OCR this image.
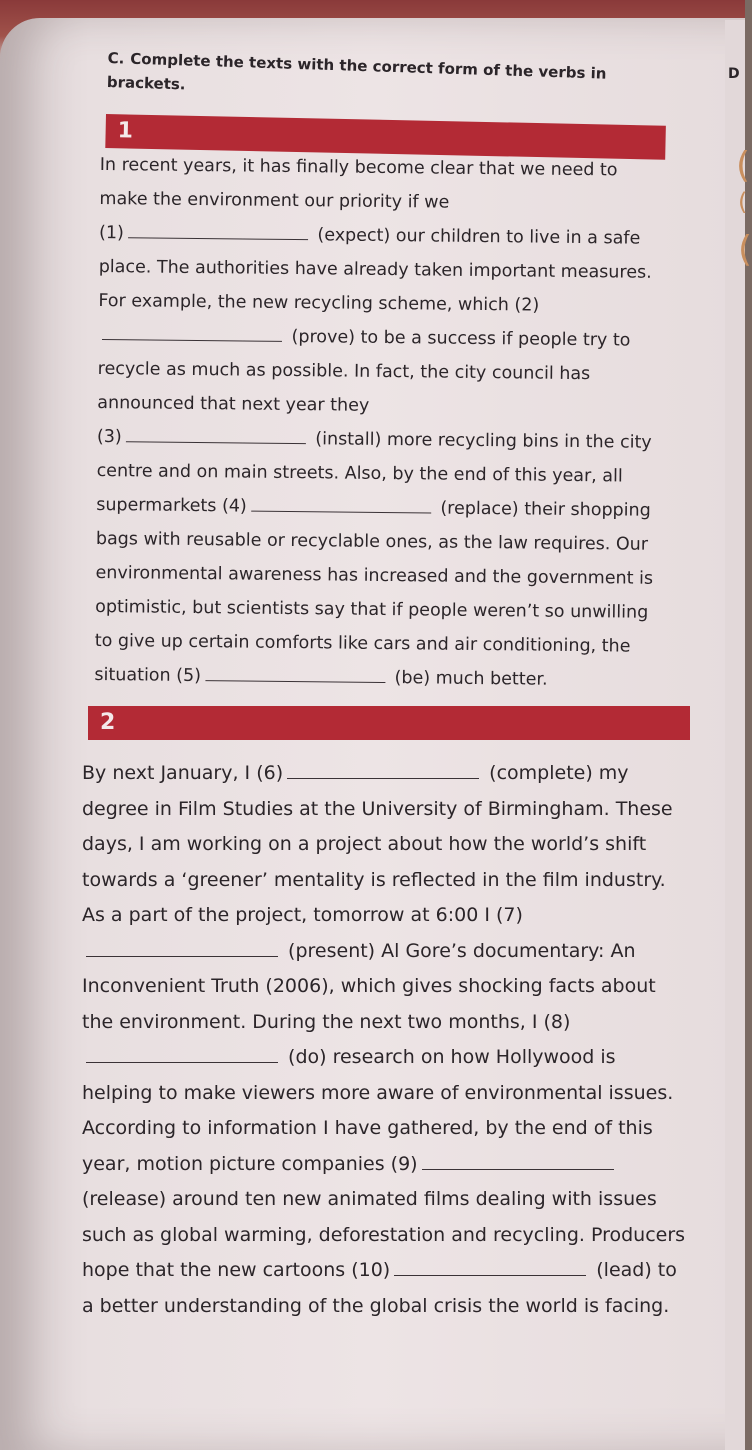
(
(
(
C. Complete the texts with the correct form of the verbs in brackets.	D
1
In recent years, it has finally become clear that we need to make the environment our priority if we
(1)	(expect) our children to live in a safe place. The authorities have already taken important measures. For example, the new recycling scheme, which (2) (prove) to be a success if people try to recycle as much as possible. In fact, the city council has announced that next year they
(3)	(install) more recycling bins in the city centre and on main streets. Also, by the end of this year, all supermarkets (4)	(replace) their shopping bags with reusable or recyclable ones, as the law requires. Our environmental awareness has increased and the government is optimistic, but scientists say that if people weren’t so unwilling to give up certain comforts like cars and air conditioning, the situation (5)	(be) much better.
2
By next January, I (6)	(complete) my degree in Film Studies at the University of Birmingham. These days, I am working on a project about how the world’s shift towards a ‘greener’ mentality is reflected in the film industry. As a part of the project, tomorrow at 6:00 I (7) (present) Al Gore’s documentary: An Inconvenient Truth (2006), which gives shocking facts about the environment. During the next two months, I (8) (do) research on how Hollywood is helping to make viewers more aware of environmental issues. According to information I have gathered, by the end of this year, motion picture companies (9) (release) around ten new animated films dealing with issues such as global warming, deforestation and recycling. Producers hope that the new cartoons (10)	(lead) to a better understanding of the global crisis the world is facing.
